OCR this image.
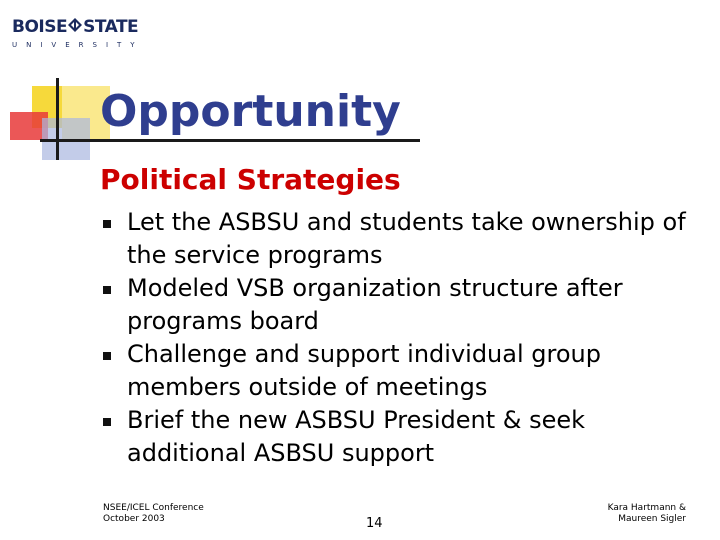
BOISE STATE
UNIVERSITY
Opportunity
Political Strategies
Let the ASBSU and students take ownership of the service programs
Modeled VSB organization structure after programs board
Challenge and support individual group members outside of meetings
Brief the new ASBSU President & seek additional ASBSU support
NSEE/ICEL Conference
October 2003	14
Kara Hartmann &
Maureen Sigler
